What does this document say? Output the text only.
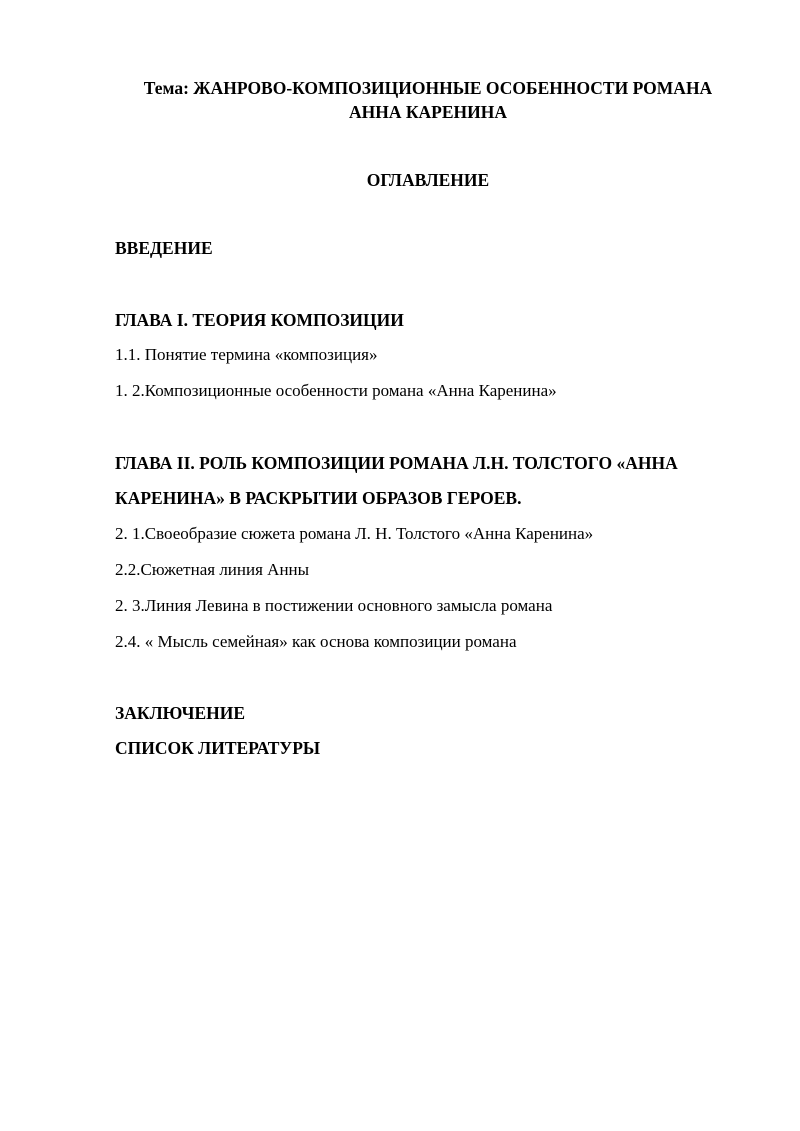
Тема: ЖАНРОВО-КОМПОЗИЦИОННЫЕ ОСОБЕННОСТИ РОМАНА
АННА КАРЕНИНА
ОГЛАВЛЕНИЕ
ВВЕДЕНИЕ
ГЛАВА I. ТЕОРИЯ КОМПОЗИЦИИ
1.1. Понятие термина «композиция»
1. 2.Композиционные особенности романа «Анна Каренина»
ГЛАВА II. РОЛЬ КОМПОЗИЦИИ РОМАНА Л.Н. ТОЛСТОГО «АННА
КАРЕНИНА» В РАСКРЫТИИ ОБРАЗОВ ГЕРОЕВ.
2. 1.Своеобразие сюжета романа Л. Н. Толстого «Анна Каренина»
2.2.Сюжетная линия Анны
2. 3.Линия Левина в постижении основного замысла романа
2.4. « Мысль семейная» как основа композиции романа
ЗАКЛЮЧЕНИЕ
СПИСОК ЛИТЕРАТУРЫ
